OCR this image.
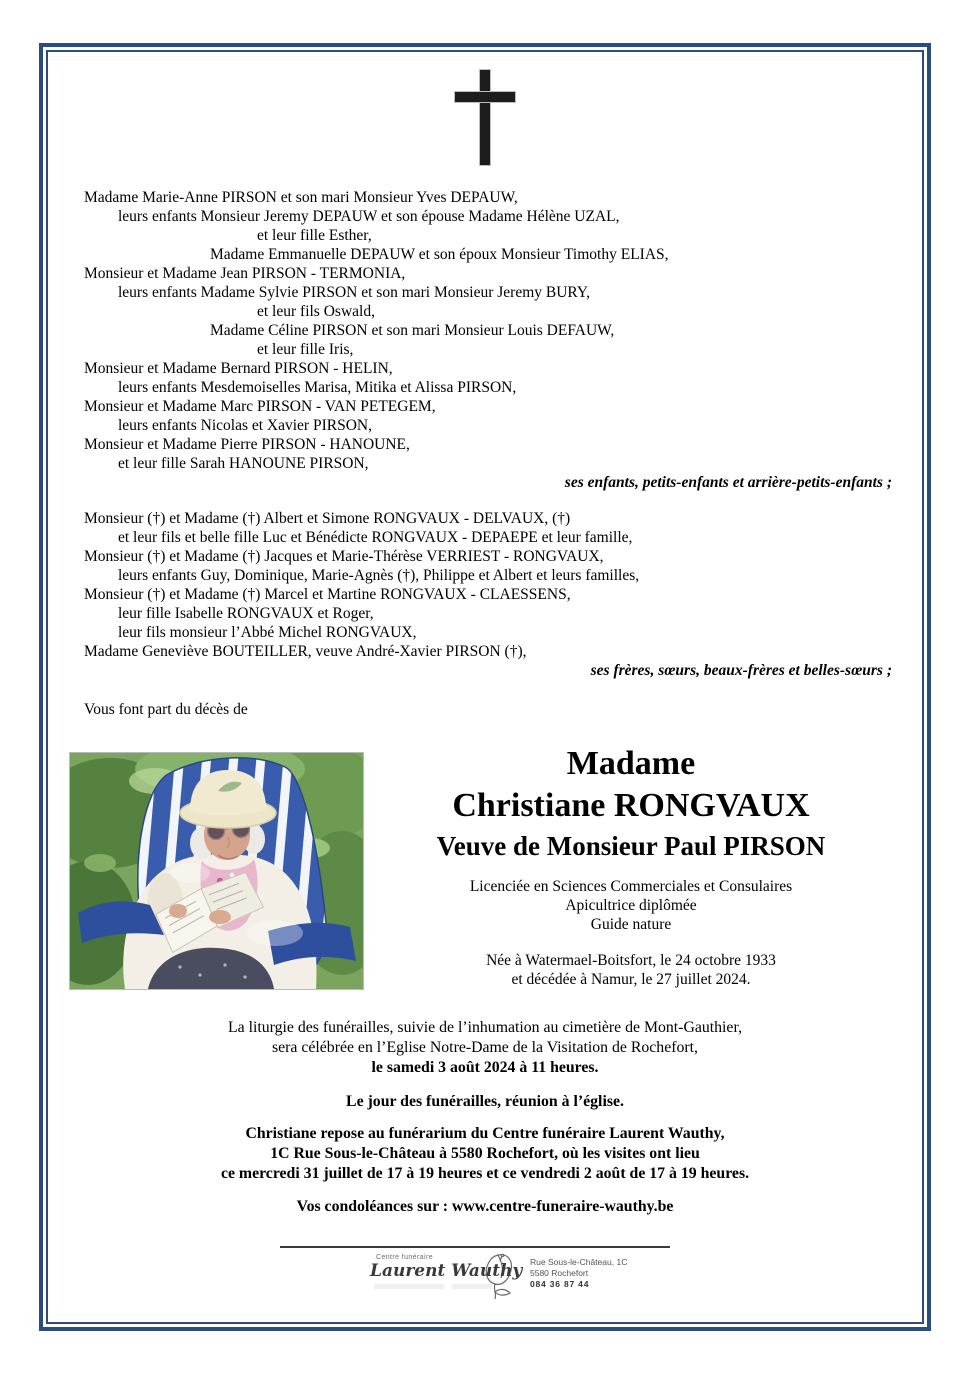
Madame Marie-Anne PIRSON et son mari Monsieur Yves DEPAUW,
leurs enfants Monsieur Jeremy DEPAUW et son épouse Madame Hélène UZAL,
et leur fille Esther,
Madame Emmanuelle DEPAUW et son époux Monsieur Timothy ELIAS,
Monsieur et Madame Jean PIRSON - TERMONIA,
leurs enfants Madame Sylvie PIRSON et son mari Monsieur Jeremy BURY,
et leur fils Oswald,
Madame Céline PIRSON et son mari Monsieur Louis DEFAUW,
et leur fille Iris,
Monsieur et Madame Bernard PIRSON - HELIN,
leurs enfants Mesdemoiselles Marisa, Mitika et Alissa PIRSON,
Monsieur et Madame Marc PIRSON - VAN PETEGEM,
leurs enfants Nicolas et Xavier PIRSON,
Monsieur et Madame Pierre PIRSON - HANOUNE,
et leur fille Sarah HANOUNE PIRSON,
ses enfants, petits-enfants et arrière-petits-enfants ;
Monsieur (†) et Madame (†) Albert et Simone RONGVAUX - DELVAUX, (†)
et leur fils et belle fille Luc et Bénédicte RONGVAUX - DEPAEPE et leur famille,
Monsieur (†) et Madame (†) Jacques et Marie-Thérèse VERRIEST - RONGVAUX,
leurs enfants Guy, Dominique, Marie-Agnès (†), Philippe et Albert et leurs familles,
Monsieur (†) et Madame (†) Marcel et Martine RONGVAUX - CLAESSENS,
leur fille Isabelle RONGVAUX et Roger,
leur fils monsieur l’Abbé Michel RONGVAUX,
Madame Geneviève BOUTEILLER, veuve André-Xavier PIRSON (†),
ses frères, sœurs, beaux-frères et belles-sœurs ;
Vous font part du décès de
Madame
Christiane RONGVAUX
Veuve de Monsieur Paul PIRSON
Licenciée en Sciences Commerciales et Consulaires
Apicultrice diplômée
Guide nature
Née à Watermael-Boitsfort, le 24 octobre 1933
et décédée à Namur, le 27 juillet 2024.
La liturgie des funérailles, suivie de l’inhumation au cimetière de Mont-Gauthier,
sera célébrée en l’Eglise Notre-Dame de la Visitation de Rochefort,
le samedi 3 août 2024 à 11 heures.
Le jour des funérailles, réunion à l’église.
Christiane repose au funérarium du Centre funéraire Laurent Wauthy,
1C Rue Sous-le-Château à 5580 Rochefort, où les visites ont lieu
ce mercredi 31 juillet de 17 à 19 heures et ce vendredi 2 août de 17 à 19 heures.
Vos condoléances sur : www.centre-funeraire-wauthy.be
Centre funéraire
Laurent Wauthy Rue Sous-le-Château, 1C
5580 Rochefort
084 36 87 44
